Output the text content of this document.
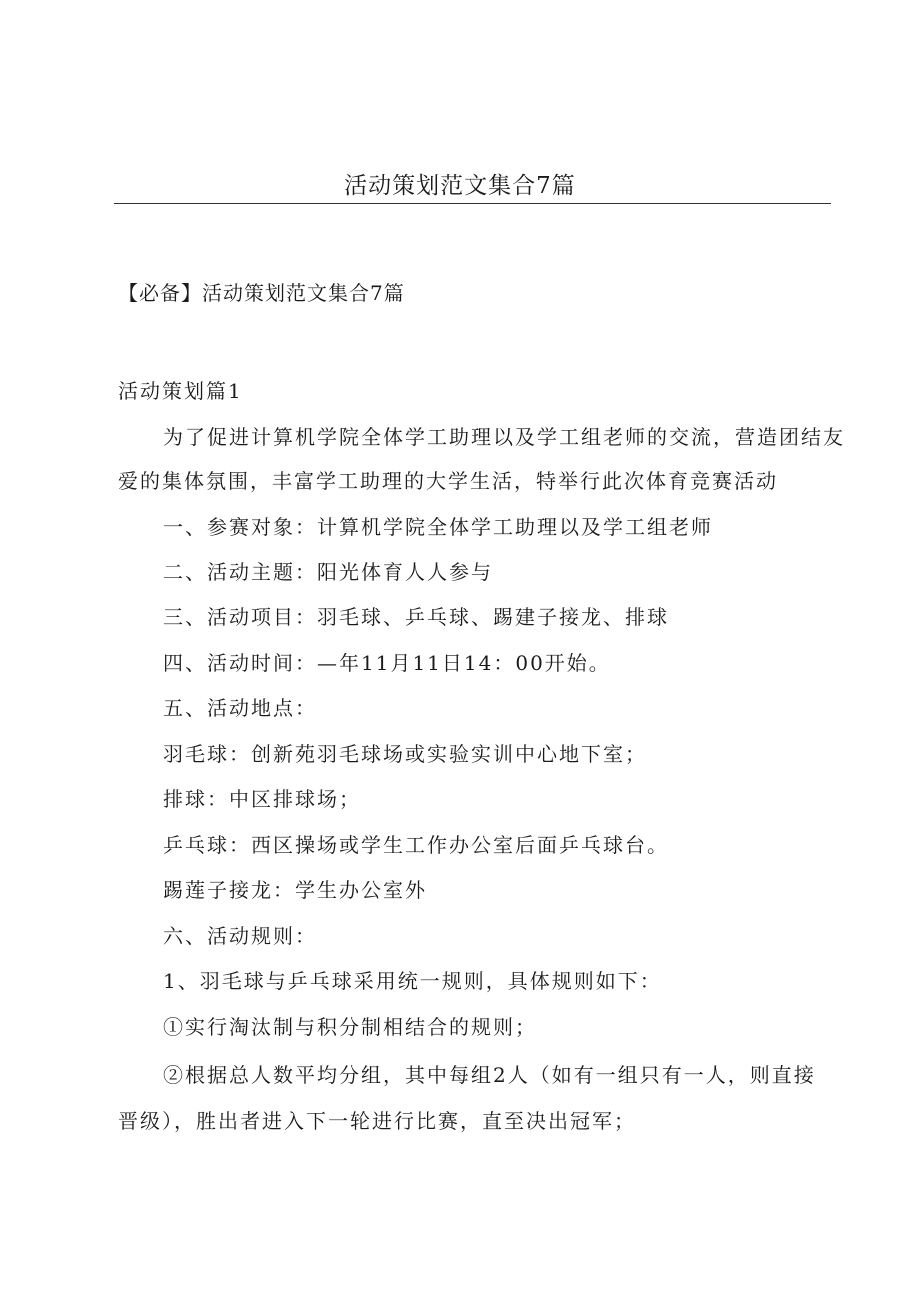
活动策划范文集合7篇
【必备】活动策划范文集合7篇
活动策划篇1
为了促进计算机学院全体学工助理以及学工组老师的交流，营造团结友
爱的集体氛围，丰富学工助理的大学生活，特举行此次体育竞赛活动
一、参赛对象：计算机学院全体学工助理以及学工组老师
二、活动主题：阳光体育人人参与
三、活动项目：羽毛球、乒乓球、踢建子接龙、排球
四、活动时间：—年11月11日14：00开始。
五、活动地点：
羽毛球：创新苑羽毛球场或实验实训中心地下室；
排球：中区排球场；
乒乓球：西区操场或学生工作办公室后面乒乓球台。
踢莲子接龙：学生办公室外
六、活动规则：
1、羽毛球与乒乓球采用统一规则，具体规则如下：
①实行淘汰制与积分制相结合的规则；
②根据总人数平均分组，其中每组2人（如有一组只有一人，则直接
晋级），胜出者进入下一轮进行比赛，直至决出冠军；
